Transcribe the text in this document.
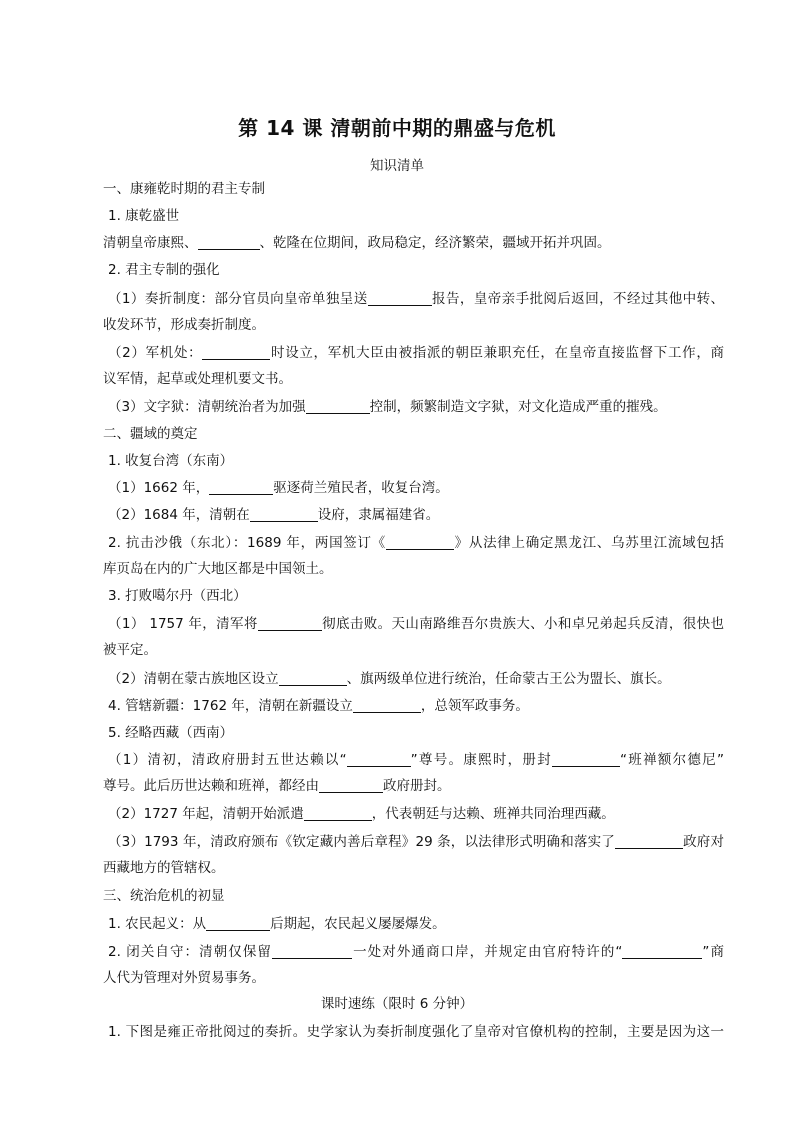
第 14 课 清朝前中期的鼎盛与危机
知识清单
一、康雍乾时期的君主专制
1. 康乾盛世
清朝皇帝康熙、	、乾隆在位期间，政局稳定，经济繁荣，疆域开拓并巩固。
2. 君主专制的强化
（1）奏折制度：部分官员向皇帝单独呈送	报告，皇帝亲手批阅后返回，不经过其他中转、
收发环节，形成奏折制度。
（2）军机处：	时设立，军机大臣由被指派的朝臣兼职充任，在皇帝直接监督下工作，商
议军情，起草或处理机要文书。
（3）文字狱：清朝统治者为加强	控制，频繁制造文字狱，对文化造成严重的摧残。
二、疆域的奠定
1. 收复台湾（东南）
（1）1662 年，	驱逐荷兰殖民者，收复台湾。
（2）1684 年，清朝在	设府，隶属福建省。
2. 抗击沙俄（东北）：1689 年，两国签订《	》从法律上确定黑龙江、乌苏里江流域包括
库页岛在内的广大地区都是中国领土。
3. 打败噶尔丹（西北）
（1） 1757 年，清军将	彻底击败。天山南路维吾尔贵族大、小和卓兄弟起兵反清，很快也
被平定。
（2）清朝在蒙古族地区设立	、旗两级单位进行统治，任命蒙古王公为盟长、旗长。
4. 管辖新疆：1762 年，清朝在新疆设立	，总领军政事务。
5. 经略西藏（西南）
（1）清初，清政府册封五世达赖以“	”尊号。康熙时，册封	“班禅额尔德尼”
尊号。此后历世达赖和班禅，都经由	政府册封。
（2）1727 年起，清朝开始派遣	，代表朝廷与达赖、班禅共同治理西藏。
（3）1793 年，清政府颁布《钦定藏内善后章程》29 条，以法律形式明确和落实了	政府对
西藏地方的管辖权。
三、统治危机的初显
1. 农民起义：从	后期起，农民起义屡屡爆发。
2. 闭关自守：清朝仅保留	一处对外通商口岸，并规定由官府特许的“	”商
人代为管理对外贸易事务。
课时速练（限时 6 分钟）
1. 下图是雍正帝批阅过的奏折。史学家认为奏折制度强化了皇帝对官僚机构的控制，主要是因为这一
